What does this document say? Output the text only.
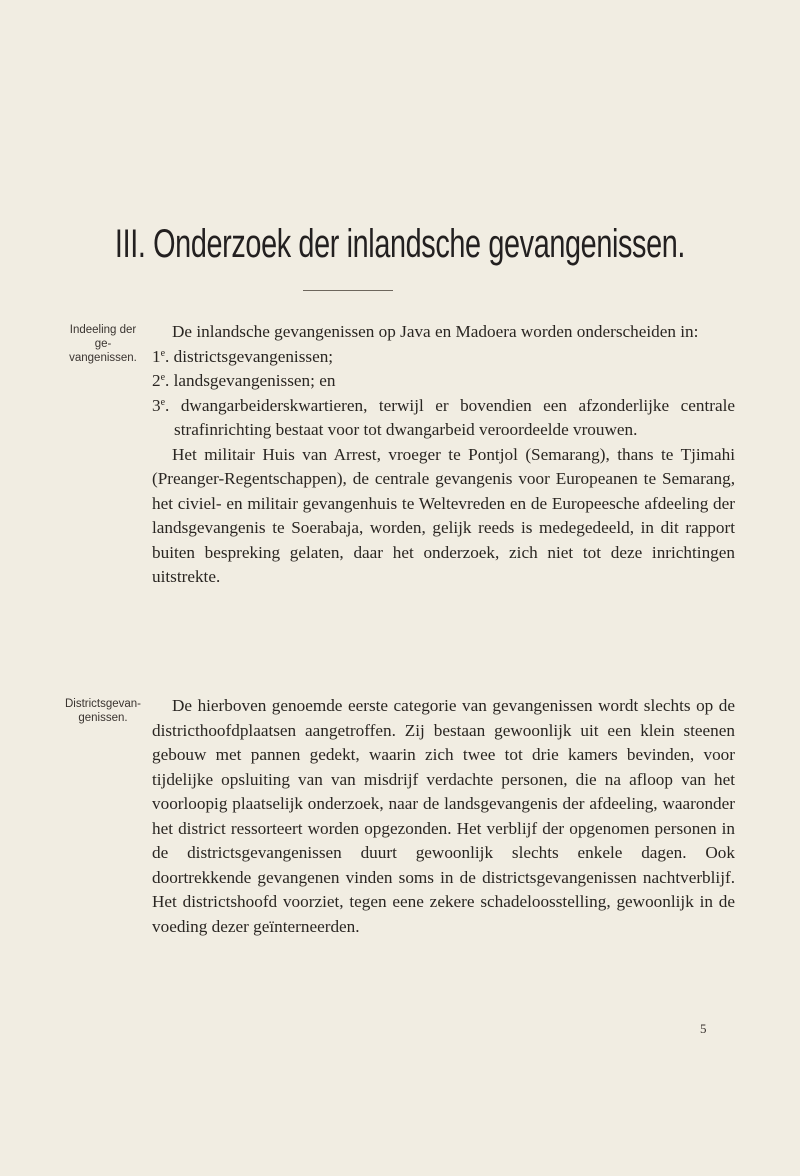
III. Onderzoek der inlandsche gevangenissen.
Indeeling der ge-
vangenissen.

De inlandsche gevangenissen op Java en Madoera worden onderscheiden in:

1e. districtsgevangenissen;

2e. landsgevangenissen; en

3e. dwangarbeiderskwartieren, terwijl er bovendien een afzonderlijke centrale strafinrichting bestaat voor tot dwangarbeid veroordeelde vrouwen.

Het militair Huis van Arrest, vroeger te Pontjol (Semarang), thans te Tjimahi (Preanger-Regentschappen), de centrale gevangenis voor Europeanen te Semarang, het civiel- en militair gevangenhuis te Weltevreden en de Europeesche afdeeling der landsgevangenis te Soerabaja, worden, gelijk reeds is medegedeeld, in dit rapport buiten bespreking gelaten, daar het onderzoek, zich niet tot deze inrichtingen uitstrekte.

Districtsgevan-
genissen.

De hierboven genoemde eerste categorie van gevangenissen wordt slechts op de districthoofdplaatsen aangetroffen. Zij bestaan gewoonlijk uit een klein steenen gebouw met pannen gedekt, waarin zich twee tot drie kamers bevinden, voor tijdelijke opsluiting van van misdrijf verdachte personen, die na afloop van het voorloopig plaatselijk onderzoek, naar de landsgevangenis der afdeeling, waaronder het district ressorteert worden opgezonden. Het verblijf der opgenomen personen in de districtsgevangenissen duurt gewoonlijk slechts enkele dagen. Ook doortrekkende gevangenen vinden soms in de districtsgevangenissen nachtverblijf. Het districtshoofd voorziet, tegen eene zekere schadeloosstelling, gewoonlijk in de voeding dezer geïnterneerden.

5
